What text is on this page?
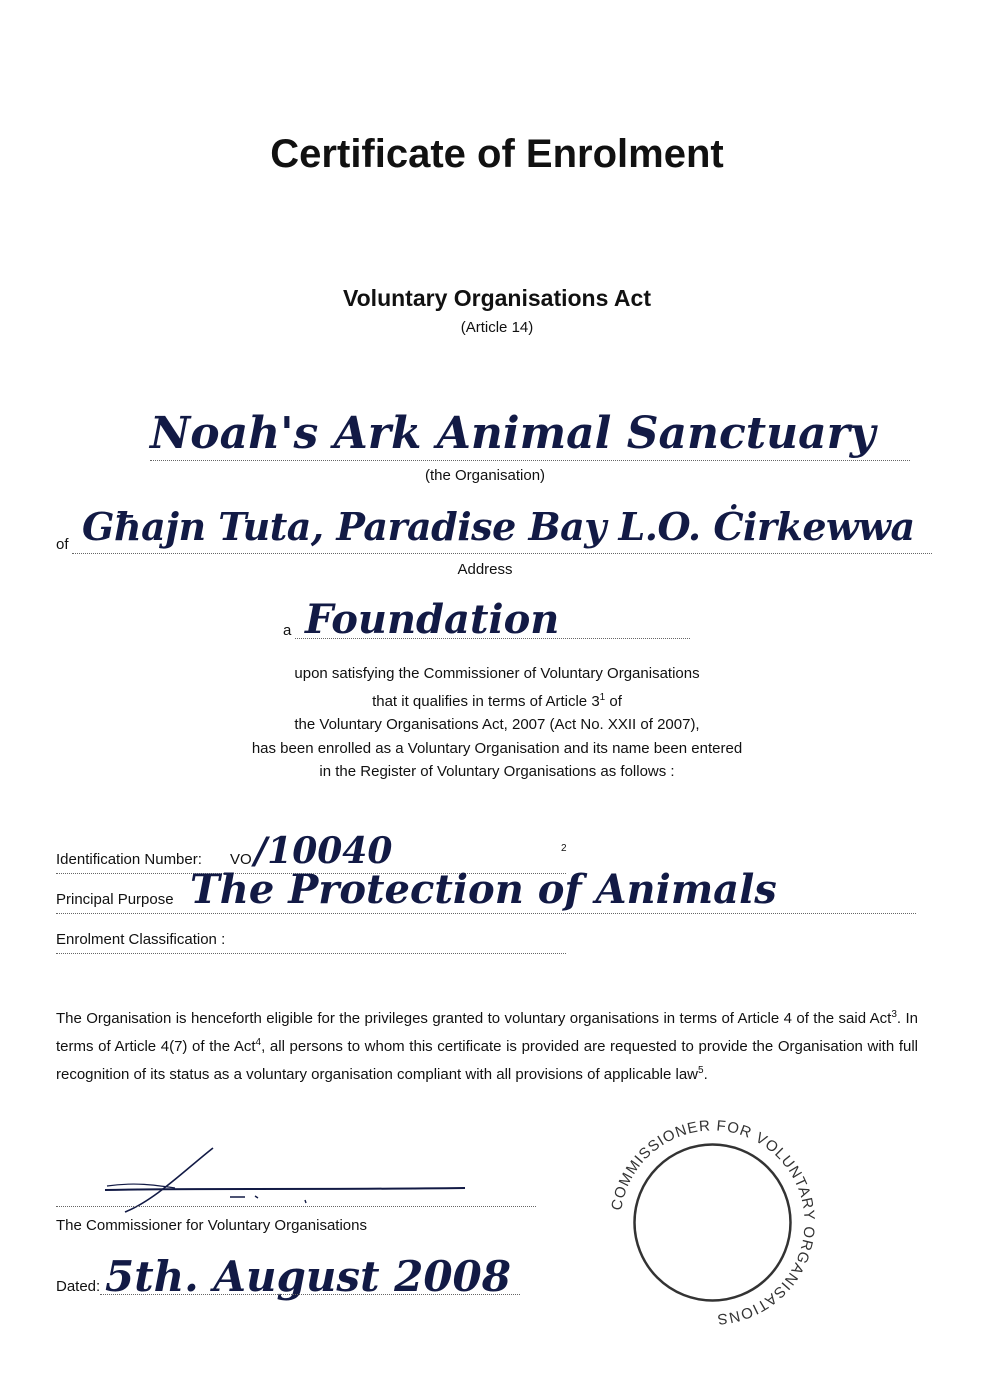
Certificate of Enrolment
Voluntary Organisations Act
(Article 14)
Noah's Ark Animal Sanctuary
(the Organisation)
of Għajn Tuta, Paradise Bay L.O. Ċirkewwa
Address
a Foundation
upon satisfying the Commissioner of Voluntary Organisations
that it qualifies in terms of Article $3^1$ of
the Voluntary Organisations Act, 2007 (Act No. XXII of 2007),
has been enrolled as a Voluntary Organisation and its name been entered
in the Register of Voluntary Organisations as follows :
Identification Number: VO /10040	2
Principal Purpose The Protection of Animals
Enrolment Classification :
The Organisation is henceforth eligible for the privileges granted to voluntary organisations in terms of Article 4 of the said Act$^3$. In terms of Article 4(7) of the Act$^4$, all persons to whom this certificate is provided are requested to provide the Organisation with full recognition of its status as a voluntary organisation compliant with all provisions of applicable law$^5$.
The Commissioner for Voluntary Organisations
Dated: 5th. August 2008
COMMISSIONER FOR VOLUNTARY ORGANISATIONS
